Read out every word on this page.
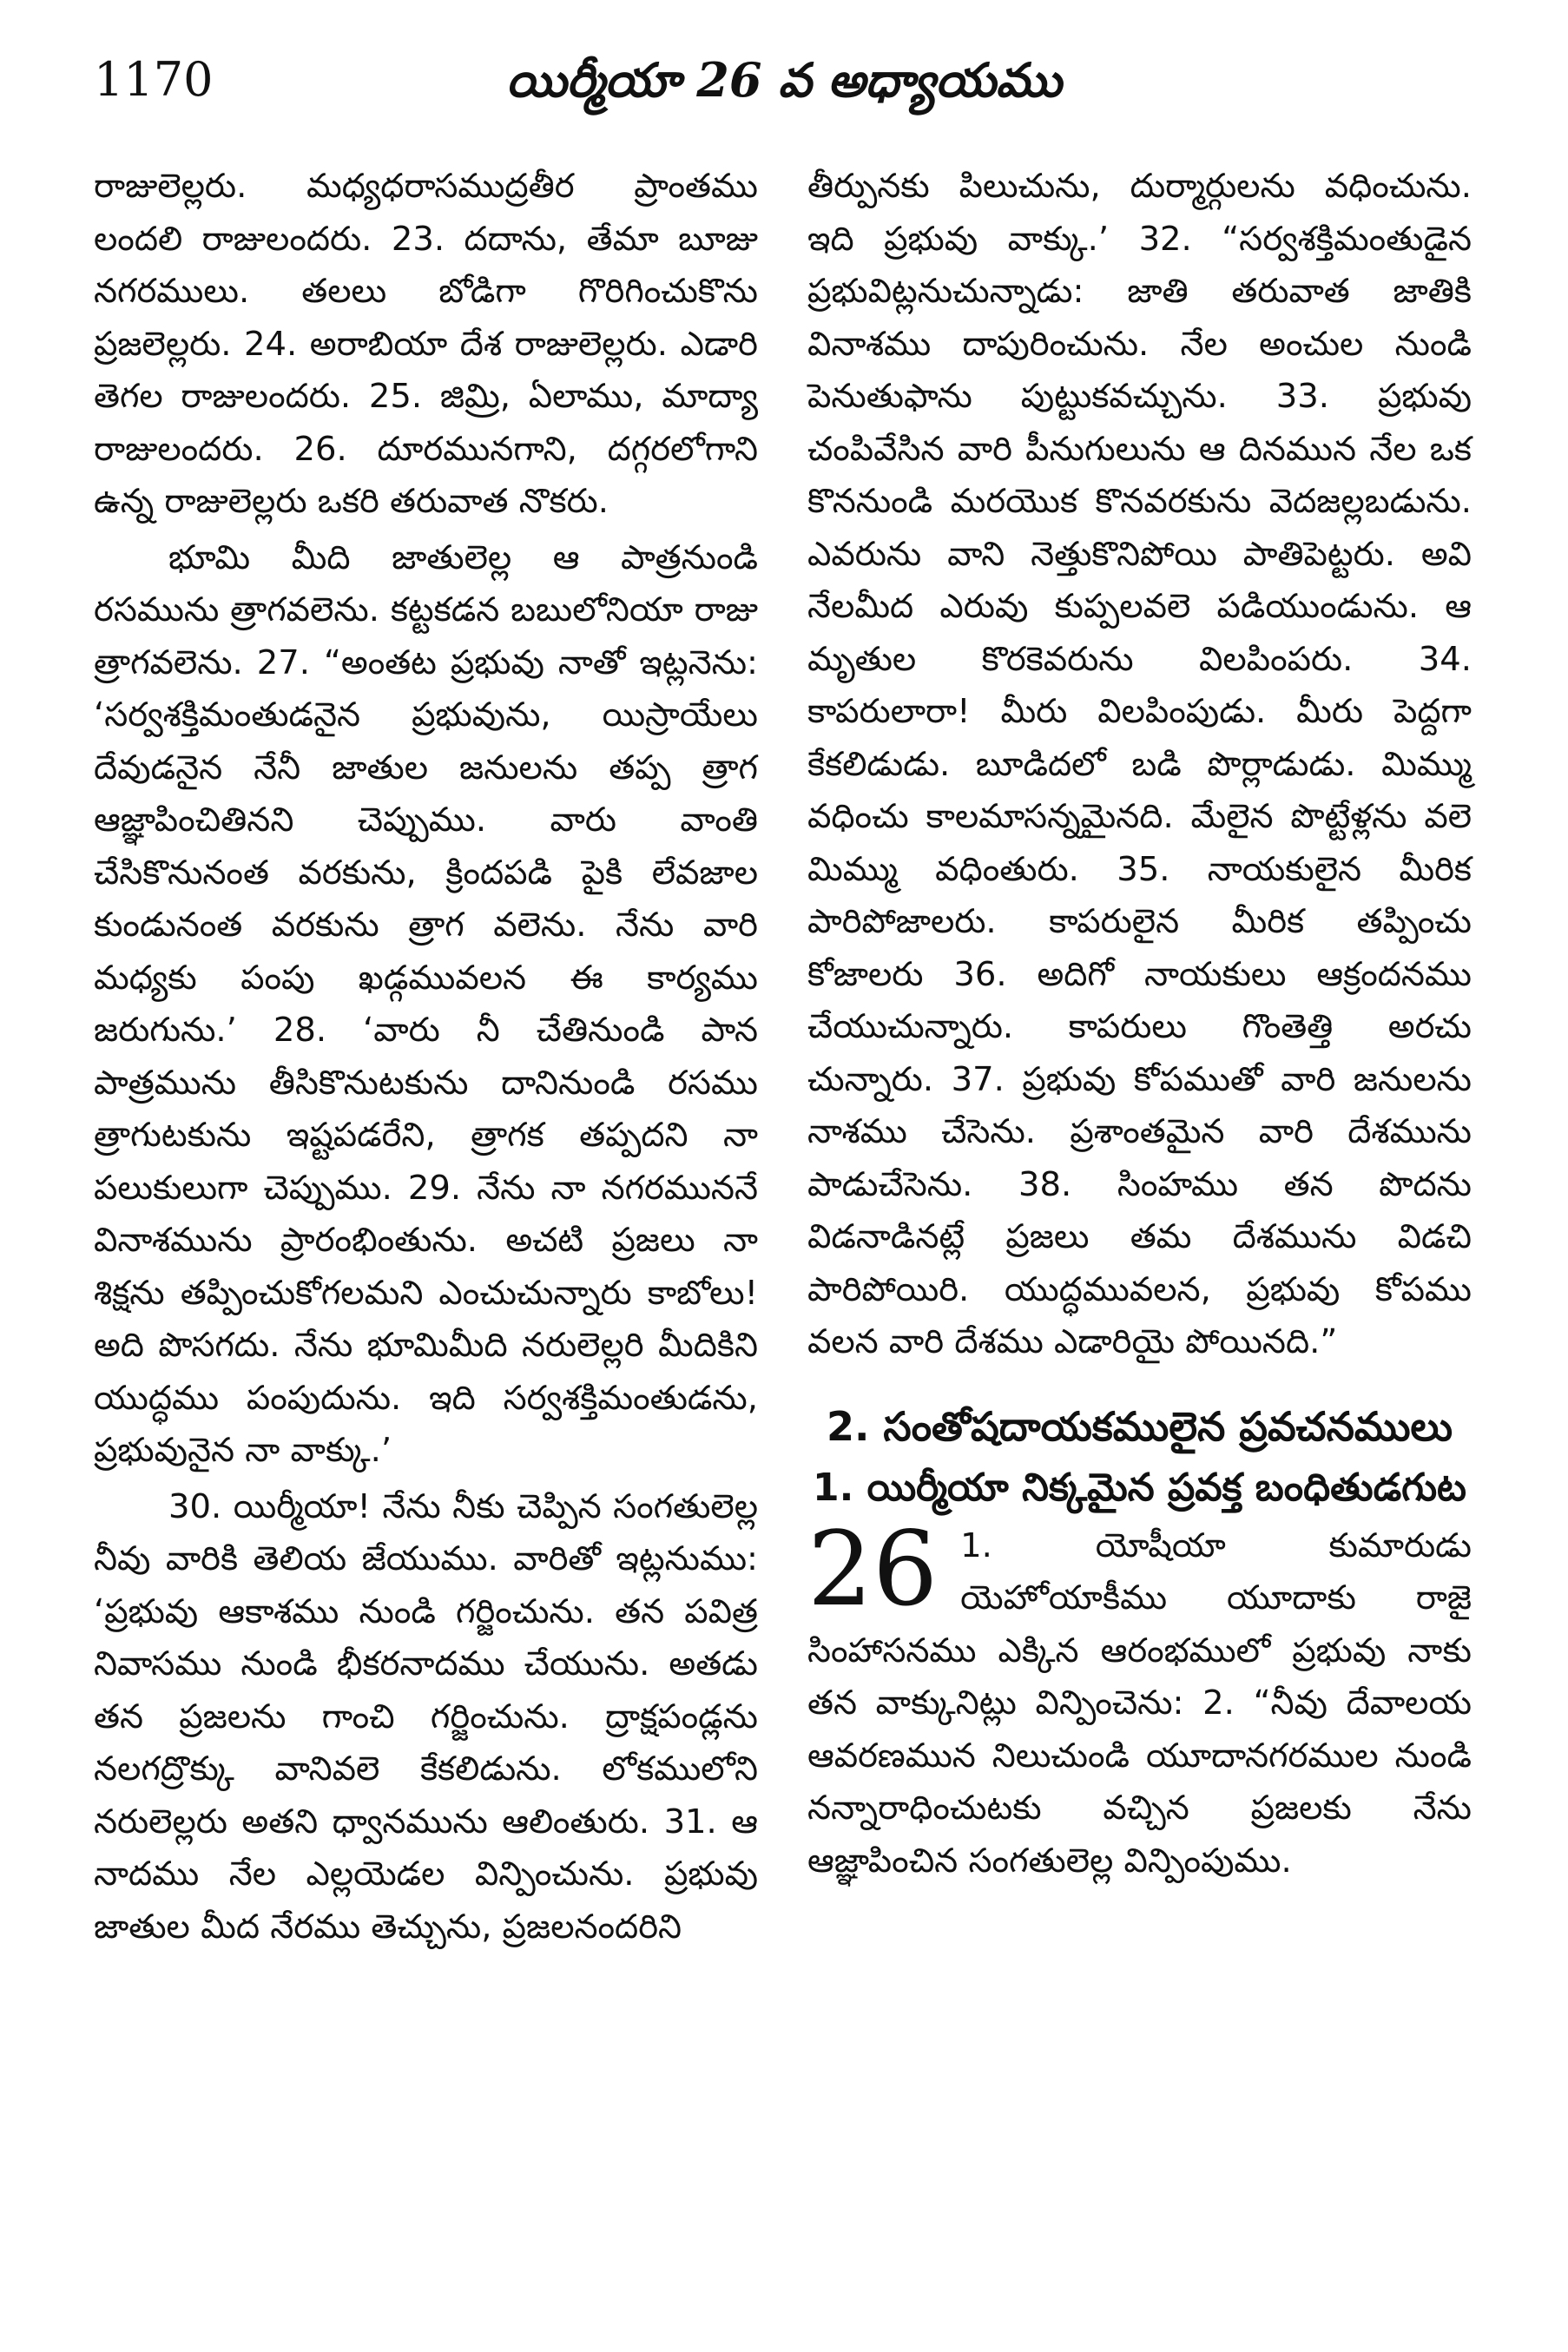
1170	యిర్మీయా 26 వ అధ్యాయము

రాజులెల్లరు. మధ్యధరాసముద్రతీర ప్రాంతము లందలి రాజులందరు. 23. దదాను, తేమా బూజు నగరములు. తలలు బోడిగా గొరిగించుకొను ప్రజలెల్లరు. 24. అరాబియా దేశ రాజులెల్లరు. ఎడారి తెగల రాజులందరు. 25. జిమ్రి, ఏలాము, మాద్యా రాజులందరు. 26. దూరమునగాని, దగ్గరలోగాని ఉన్న రాజులెల్లరు ఒకరి తరువాత నొకరు.

భూమి మీది జాతులెల్ల ఆ పాత్రనుండి రసమును త్రాగవలెను. కట్టకడన బబులోనియా రాజు త్రాగవలెను. 27. “అంతట ప్రభువు నాతో ఇట్లనెను: ‘సర్వశక్తిమంతుడనైన ప్రభువును, యిస్రాయేలు దేవుడనైన నేనీ జాతుల జనులను తప్ప త్రాగ ఆజ్ఞాపించితినని చెప్పుము. వారు వాంతి చేసికొనునంత వరకును, క్రిందపడి పైకి లేవజాల కుండునంత వరకును త్రాగ వలెను. నేను వారి మధ్యకు పంపు ఖడ్గమువలన ఈ కార్యము జరుగును.’ 28. ‘వారు నీ చేతినుండి పాన పాత్రమును తీసికొనుటకును దానినుండి రసము త్రాగుటకును ఇష్టపడరేని, త్రాగక తప్పదని నా పలుకులుగా చెప్పుము. 29. నేను నా నగరముననే వినాశమును ప్రారంభింతును. అచటి ప్రజలు నా శిక్షను తప్పించుకోగలమని ఎంచుచున్నారు కాబోలు! అది పొసగదు. నేను భూమిమీది నరులెల్లరి మీదికిని యుద్ధము పంపుదును. ఇది సర్వశక్తిమంతుడను, ప్రభువునైన నా వాక్కు.’

30. యిర్మీయా! నేను నీకు చెప్పిన సంగతులెల్ల నీవు వారికి తెలియ జేయుము. వారితో ఇట్లనుము: ‘ప్రభువు ఆకాశము నుండి గర్జించును. తన పవిత్ర నివాసము నుండి భీకరనాదము చేయును. అతడు తన ప్రజలను గాంచి గర్జించును. ద్రాక్షపండ్లను నలగద్రొక్కు వానివలె కేకలిడును. లోకములోని నరులెల్లరు అతని ధ్వానమును ఆలింతురు. 31. ఆ నాదము నేల ఎల్లయెడల విన్పించును. ప్రభువు జాతుల మీద నేరము తెచ్చును, ప్రజలనందరిని

తీర్పునకు పిలుచును, దుర్మార్గులను వధించును. ఇది ప్రభువు వాక్కు.’ 32. “సర్వశక్తిమంతుడైన ప్రభువిట్లనుచున్నాడు: జాతి తరువాత జాతికి వినాశము దాపురించును. నేల అంచుల నుండి పెనుతుఫాను పుట్టుకవచ్చును. 33. ప్రభువు చంపివేసిన వారి పీనుగులును ఆ దినమున నేల ఒక కొననుండి మరయొక కొనవరకును వెదజల్లబడును. ఎవరును వాని నెత్తుకొనిపోయి పాతిపెట్టరు. అవి నేలమీద ఎరువు కుప్పలవలె పడియుండును. ఆ మృతుల కొరకెవరును విలపింపరు. 34. కాపరులారా! మీరు విలపింపుడు. మీరు పెద్దగా కేకలిడుడు. బూడిదలో బడి పొర్లాడుడు. మిమ్ము వధించు కాలమాసన్నమైనది. మేలైన పొట్టేళ్లను వలె మిమ్ము వధింతురు. 35. నాయకులైన మీరిక పారిపోజాలరు. కాపరులైన మీరిక తప్పించు కోజాలరు 36. అదిగో నాయకులు ఆక్రందనము చేయుచున్నారు. కాపరులు గొంతెత్తి అరచు చున్నారు. 37. ప్రభువు కోపముతో వారి జనులను నాశము చేసెను. ప్రశాంతమైన వారి దేశమును పాడుచేసెను. 38. సింహము తన పొదను విడనాడినట్లే ప్రజలు తమ దేశమును విడచి పారిపోయిరి. యుద్ధమువలన, ప్రభువు కోపము వలన వారి దేశము ఎడారియై పోయినది.”

2. సంతోషదాయకములైన ప్రవచనములు
1. యిర్మీయా నిక్కమైన ప్రవక్త బంధితుడగుట

26 1. యోషీయా కుమారుడు యెహోయాకీము యూదాకు రాజై సింహాసనము ఎక్కిన ఆరంభములో ప్రభువు నాకు తన వాక్కునిట్లు విన్పించెను: 2. “నీవు దేవాలయ ఆవరణమున నిలుచుండి యూదానగరముల నుండి నన్నారాధించుటకు వచ్చిన ప్రజలకు నేను ఆజ్ఞాపించిన సంగతులెల్ల విన్పింపుము.
